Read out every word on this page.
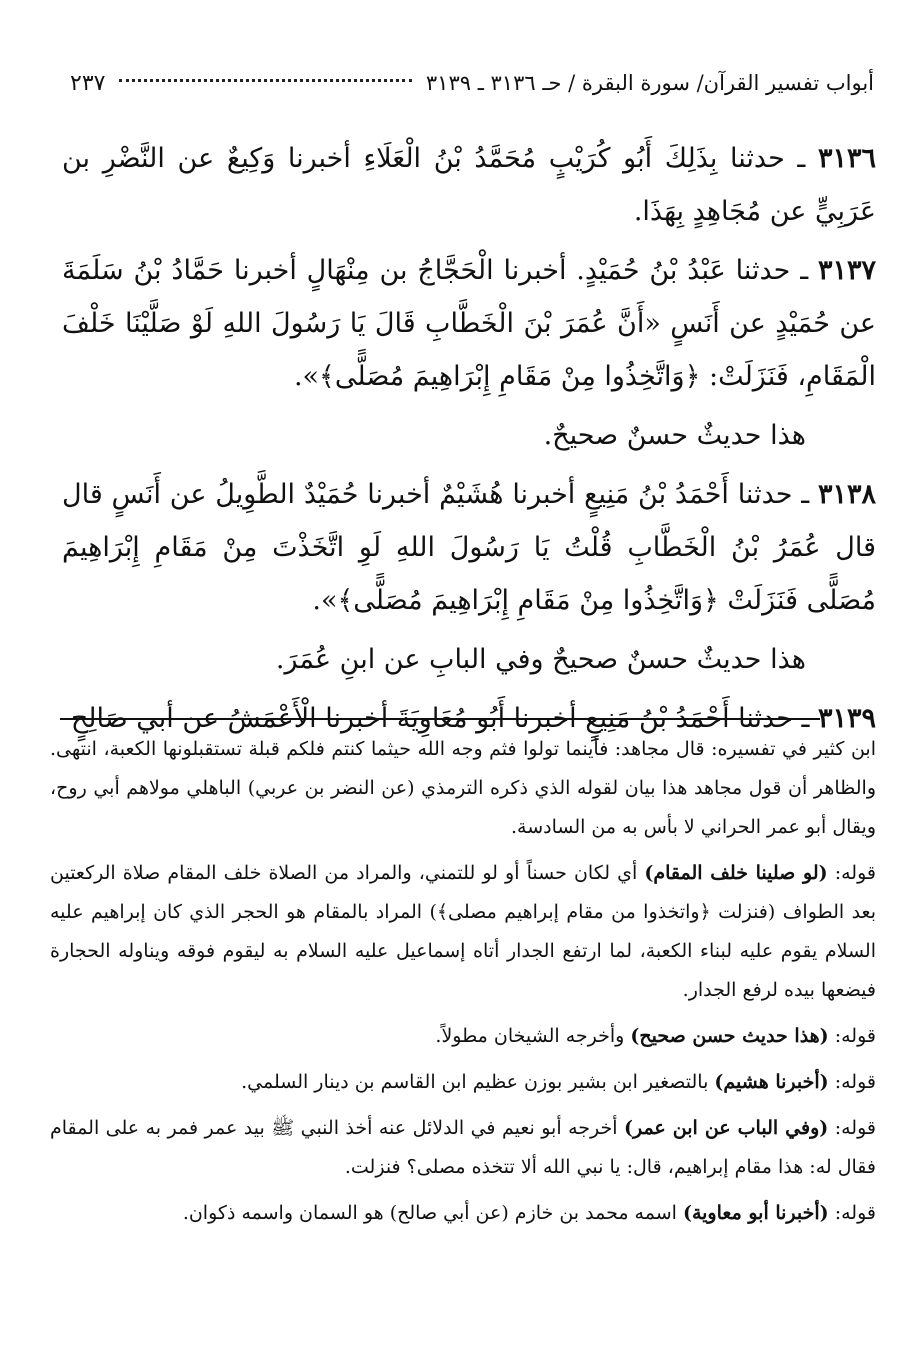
أبواب تفسير القرآن/ سورة البقرة / حـ ٣١٣٦ ـ ٣١٣٩
٢٣٧

٣١٣٦ ـ حدثنا بِذَلِكَ أَبُو كُرَيْبٍ مُحَمَّدُ بْنُ الْعَلَاءِ أخبرنا وَكِيعٌ عن النَّضْرِ بن عَرَبِيٍّ عن مُجَاهِدٍ بِهَذَا.

٣١٣٧ ـ حدثنا عَبْدُ بْنُ حُمَيْدٍ. أخبرنا الْحَجَّاجُ بن مِنْهَالٍ أخبرنا حَمَّادُ بْنُ سَلَمَةَ عن حُمَيْدٍ عن أَنَسٍ «أَنَّ عُمَرَ بْنَ الْخَطَّابِ قَالَ يَا رَسُولَ اللهِ لَوْ صَلَّيْنَا خَلْفَ الْمَقَامِ، فَنَزَلَتْ: ﴿وَاتَّخِذُوا مِنْ مَقَامِ إِبْرَاهِيمَ مُصَلًّى﴾».

هذا حديثٌ حسنٌ صحيحٌ.

٣١٣٨ ـ حدثنا أَحْمَدُ بْنُ مَنِيعٍ أخبرنا هُشَيْمٌ أخبرنا حُمَيْدٌ الطَّوِيلُ عن أَنَسٍ قال قال عُمَرُ بْنُ الْخَطَّابِ قُلْتُ يَا رَسُولَ اللهِ لَوِ اتَّخَذْتَ مِنْ مَقَامِ إِبْرَاهِيمَ مُصَلًّى فَنَزَلَتْ ﴿وَاتَّخِذُوا مِنْ مَقَامِ إِبْرَاهِيمَ مُصَلًّى﴾».

هذا حديثٌ حسنٌ صحيحٌ وفي البابِ عن ابنِ عُمَرَ.

٣١٣٩ ـ حدثنا أَحْمَدُ بْنُ مَنِيعٍ أخبرنا أَبُو مُعَاوِيَةَ أخبرنا الْأَعْمَشُ عن أبي صَالِحٍ

ابن كثير في تفسيره: قال مجاهد: فأينما تولوا فثم وجه الله حيثما كنتم فلكم قبلة تستقبلونها الكعبة، انتهى. والظاهر أن قول مجاهد هذا بيان لقوله الذي ذكره الترمذي (عن النضر بن عربي) الباهلي مولاهم أبي روح، ويقال أبو عمر الحراني لا بأس به من السادسة.

قوله: (لو صلينا خلف المقام) أي لكان حسناً أو لو للتمني، والمراد من الصلاة خلف المقام صلاة الركعتين بعد الطواف (فنزلت ﴿واتخذوا من مقام إبراهيم مصلى﴾) المراد بالمقام هو الحجر الذي كان إبراهيم عليه السلام يقوم عليه لبناء الكعبة، لما ارتفع الجدار أتاه إسماعيل عليه السلام به ليقوم فوقه ويناوله الحجارة فيضعها بيده لرفع الجدار.

قوله: (هذا حديث حسن صحيح) وأخرجه الشيخان مطولاً.

قوله: (أخبرنا هشيم) بالتصغير ابن بشير بوزن عظيم ابن القاسم بن دينار السلمي.

قوله: (وفي الباب عن ابن عمر) أخرجه أبو نعيم في الدلائل عنه أخذ النبي ﷺ بيد عمر فمر به على المقام فقال له: هذا مقام إبراهيم، قال: يا نبي الله ألا تتخذه مصلى؟ فنزلت.

قوله: (أخبرنا أبو معاوية) اسمه محمد بن خازم (عن أبي صالح) هو السمان واسمه ذكوان.
